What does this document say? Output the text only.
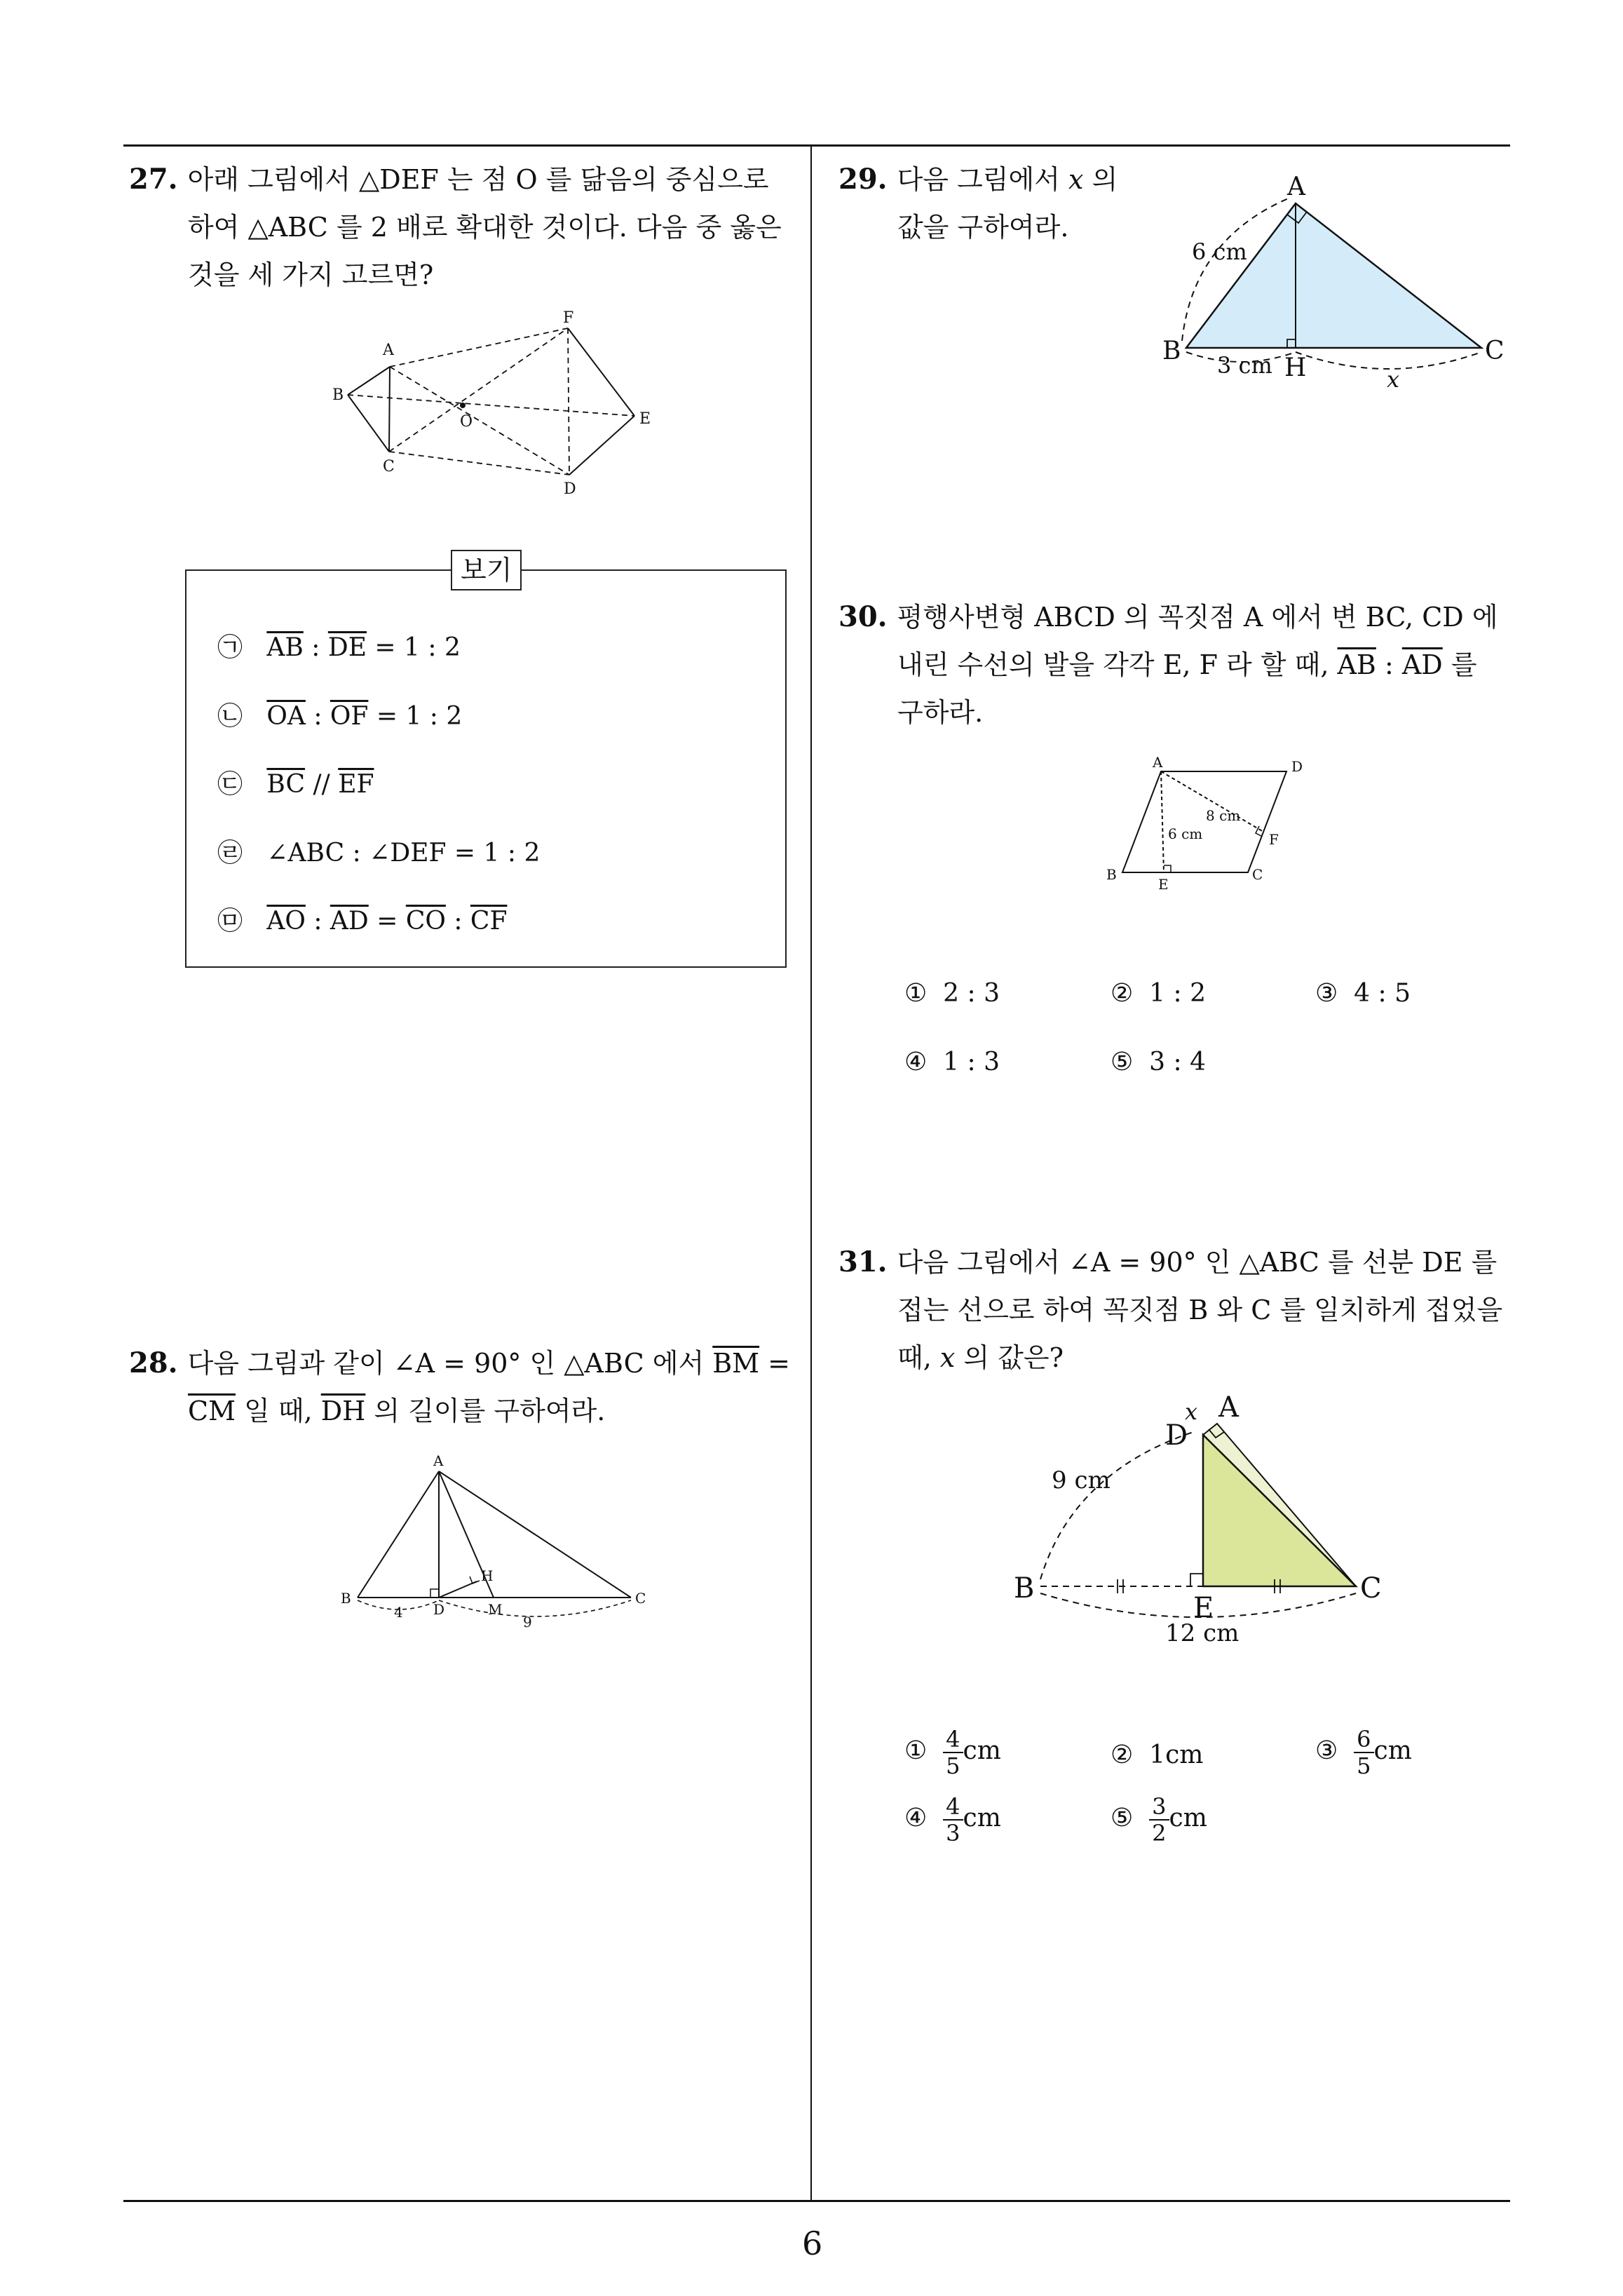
27. 아래 그림에서 △DEF 는 점 O 를 닮음의 중심으로
하여 △ABC 를 2 배로 확대한 것이다. 다음 중 옳은
것을 세 가지 고르면?
A
B
C
O
F
E
D
보기
㉠ $\overline{AB}$ : $\overline{DE} = 1$ : 2
㉡ $\overline{OA}$ : $\overline{OF} = 1$ : 2
㉢ $\overline{BC} // \overline{EF}$
㉣ ∠ABC : ∠DEF = 1 : 2
㉤ $\overline{AO}$ : $\overline{AD} = \overline{CO}$ : $\overline{CF}$
28. 다음 그림과 같이 ∠A = 90° 인 △ABC 에서 $\overline{BM}$ =
$\overline{CM}$ 일 때, $\overline{DH}$ 의 길이를 구하여라.
A
B	C
D	M
H
4
9
29. 다음 그림에서 x 의
값을 구하여라.
A
B	C
H
6 cm
3 cm
x
30. 평행사변형 ABCD 의 꼭짓점 A 에서 변 BC, CD 에
내린 수선의 발을 각각 E, F 라 할 때, $\overline{AB}$ : $\overline{AD}$ 를
구하라.
A	D
B	C
E
F
8 cm
6 cm
① 2 : 3	② 1 : 2	③ 4 : 5
④ 1 : 3	⑤ 3 : 4
31. 다음 그림에서 ∠A = 90° 인 △ABC 를 선분 DE 를
접는 선으로 하여 꼭짓점 B 와 C 를 일치하게 접었을
때, x 의 값은?
A
D
x
B	C
E
9 cm
12 cm
① $\frac{4}{5}$ cm	② 1cm	③ $\frac{6}{5}$ cm
④ $\frac{4}{3}$ cm	⑤ $\frac{3}{2}$ cm
6
